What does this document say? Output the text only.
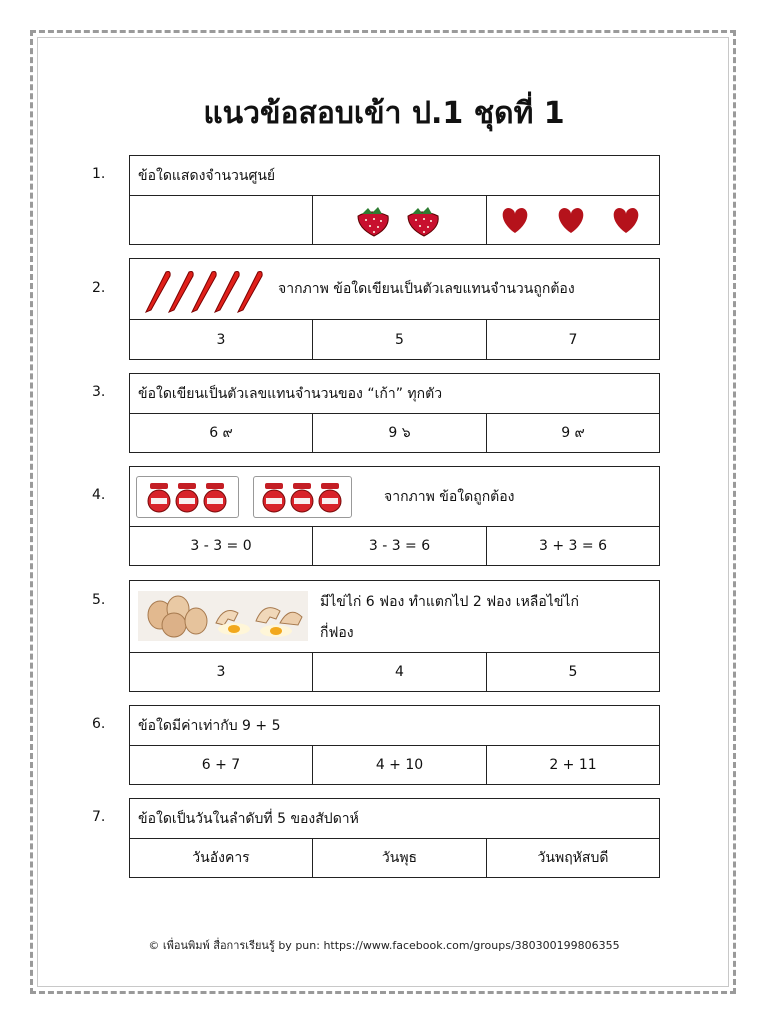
แนวข้อสอบเข้า ป.1 ชุดที่ 1
1.	ข้อใดแสดงจำนวนศูนย์
2.	จากภาพ ข้อใดเขียนเป็นตัวเลขแทนจำนวนถูกต้อง
3	5	7
3.	ข้อใดเขียนเป็นตัวเลขแทนจำนวนของ “เก้า” ทุกตัว
6 ๙	9 ๖	9 ๙
4.	จากภาพ ข้อใดถูกต้อง
3 - 3 = 0	3 - 3 = 6	3 + 3 = 6
5.	มีไข่ไก่ 6 ฟอง ทำแตกไป 2 ฟอง เหลือไข่ไก่
กี่ฟอง
3	4	5
6.	ข้อใดมีค่าเท่ากับ 9 + 5
6 + 7	4 + 10	2 + 11
7.	ข้อใดเป็นวันในลำดับที่ 5 ของสัปดาห์
วันอังคาร	วันพุธ	วันพฤหัสบดี
© เพื่อนพิมพ์ สื่อการเรียนรู้ by pun: https://www.facebook.com/groups/380300199806355
